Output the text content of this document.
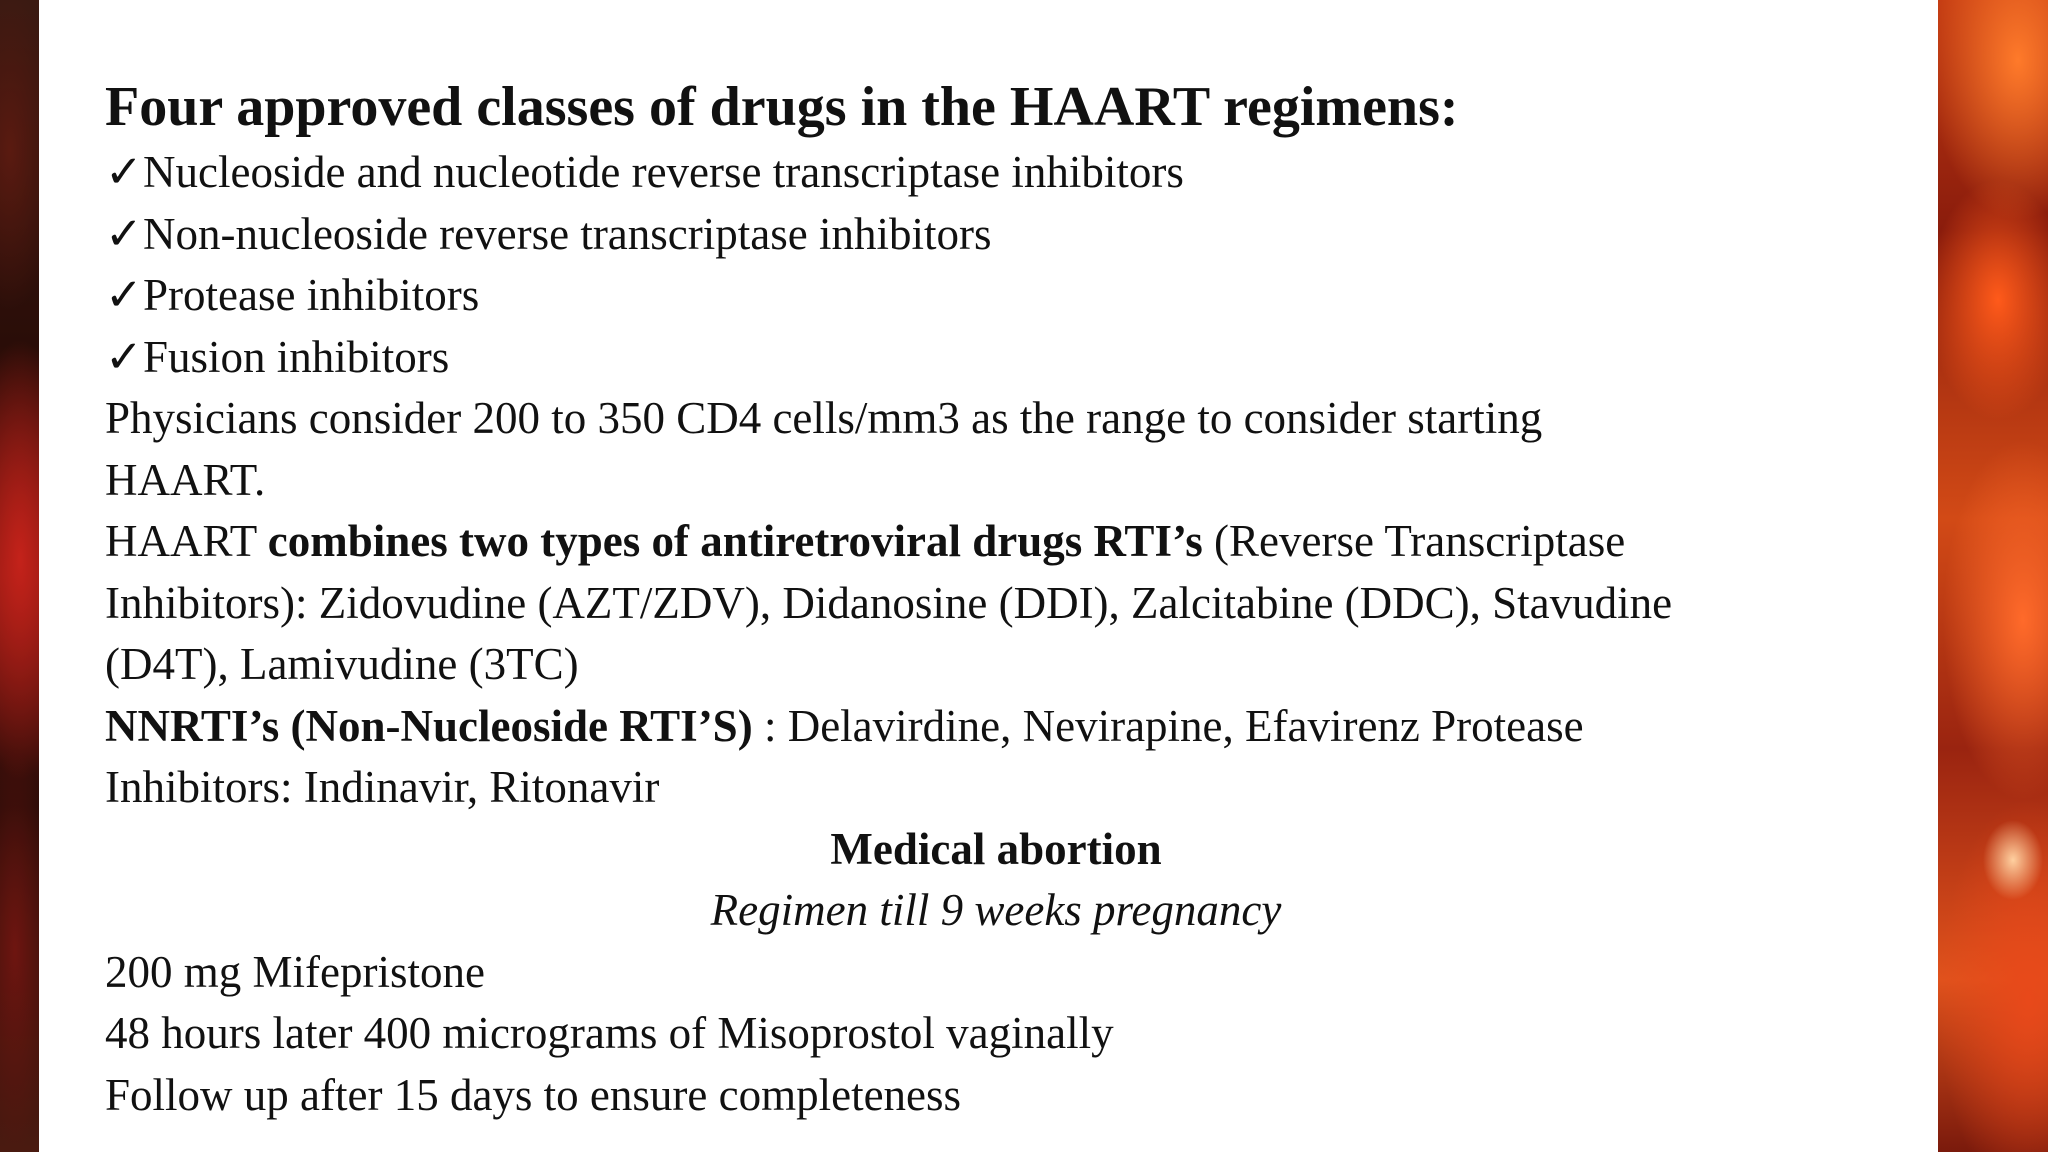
Four approved classes of drugs in the HAART regimens:

✓Nucleoside and nucleotide reverse transcriptase inhibitors

✓Non-nucleoside reverse transcriptase inhibitors

✓Protease inhibitors

✓Fusion inhibitors

Physicians consider 200 to 350 CD4 cells/mm3 as the range to consider starting

HAART.

HAART combines two types of antiretroviral drugs RTI’s (Reverse Transcriptase

Inhibitors): Zidovudine (AZT/ZDV), Didanosine (DDI), Zalcitabine (DDC), Stavudine

(D4T), Lamivudine (3TC)

NNRTI’s (Non-Nucleoside RTI’S) : Delavirdine, Nevirapine, Efavirenz Protease

Inhibitors: Indinavir, Ritonavir

Medical abortion

Regimen till 9 weeks pregnancy

200 mg Mifepristone

48 hours later 400 micrograms of Misoprostol vaginally

Follow up after 15 days to ensure completeness
